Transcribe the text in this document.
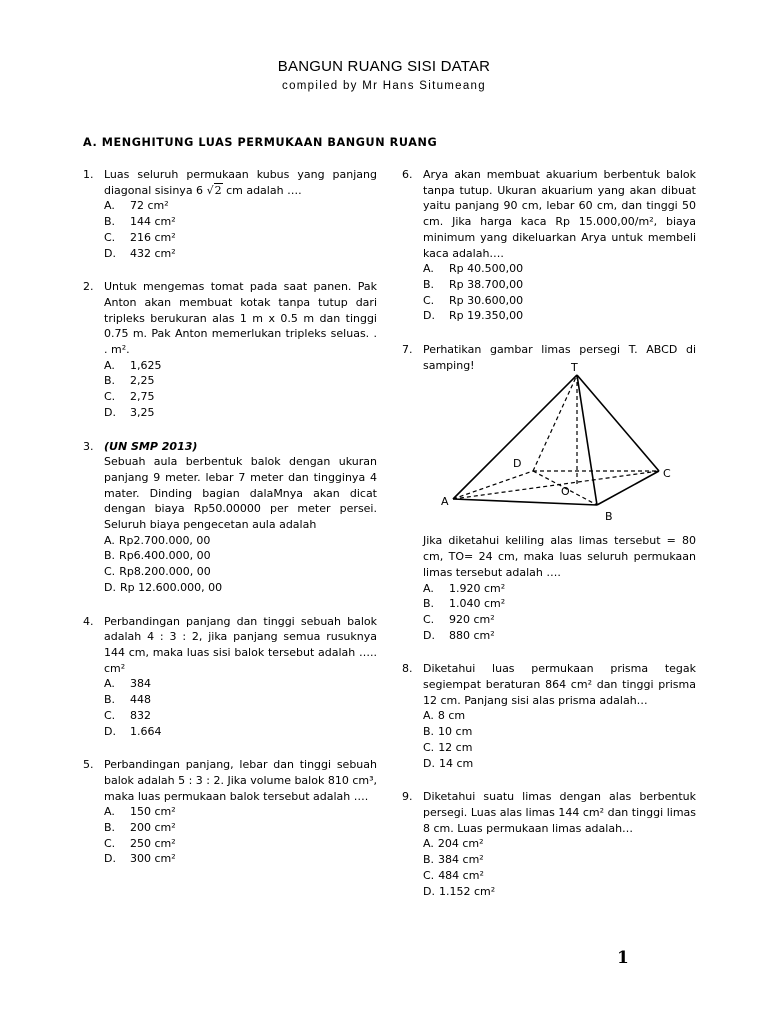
BANGUN RUANG SISI DATAR
compiled by Mr Hans Situmeang
A. MENGHITUNG LUAS PERMUKAAN BANGUN RUANG
1. Luas seluruh permukaan kubus yang panjang diagonal sisinya 6 √2 cm adalah ….

A.	72 cm²
B.	144 cm²
C.	216 cm²
D.	432 cm²
2. Untuk mengemas tomat pada saat panen. Pak Anton akan membuat kotak tanpa tutup dari tripleks berukuran alas 1 m x 0.5 m dan tinggi 0.75 m. Pak Anton memerlukan tripleks seluas. . . m².

A.	1,625
B.	2,25
C.	2,75
D.	3,25
3. (UN SMP 2013)

Sebuah aula berbentuk balok dengan ukuran panjang 9 meter. lebar 7 meter dan tingginya 4 mater. Dinding bagian dalaMnya akan dicat dengan biaya Rp50.00000 per meter persei. Seluruh biaya pengecetan aula adalah

A. Rp2.700.000, 00
B. Rp6.400.000, 00
C. Rp8.200.000, 00
D. Rp 12.600.000, 00
4. Perbandingan panjang dan tinggi sebuah balok adalah 4 : 3 : 2, jika panjang semua rusuknya 144 cm, maka luas sisi balok tersebut adalah ….. cm²

A.	384
B.	448
C.	832
D.	1.664
5. Perbandingan panjang, lebar dan tinggi sebuah balok adalah 5 : 3 : 2. Jika volume balok 810 cm³, maka luas permukaan balok tersebut adalah ….

A.	150 cm²
B.	200 cm²
C.	250 cm²
D.	300 cm²
6. Arya akan membuat akuarium berbentuk balok tanpa tutup. Ukuran akuarium yang akan dibuat yaitu panjang 90 cm, lebar 60 cm, dan tinggi 50 cm. Jika harga kaca Rp 15.000,00/m², biaya minimum yang dikeluarkan Arya untuk membeli kaca adalah….

A.	Rp 40.500,00
B.	Rp 38.700,00
C.	Rp 30.600,00
D.	Rp 19.350,00
7. Perhatikan gambar limas persegi T. ABCD di samping!	T
A
B
C
D
O

Jika diketahui keliling alas limas tersebut = 80 cm, TO= 24 cm, maka luas seluruh permukaan limas tersebut adalah ….

A.	1.920 cm²
B.	1.040 cm²
C.	920 cm²
D.	880 cm²
8. Diketahui luas permukaan prisma tegak segiempat beraturan 864 cm² dan tinggi prisma 12 cm. Panjang sisi alas prisma adalah…

A. 8 cm
B. 10 cm
C. 12 cm
D. 14 cm
9. Diketahui suatu limas dengan alas berbentuk persegi. Luas alas limas 144 cm² dan tinggi limas 8 cm. Luas permukaan limas adalah…

A. 204 cm²
B. 384 cm²
C. 484 cm²
D. 1.152 cm²
1
